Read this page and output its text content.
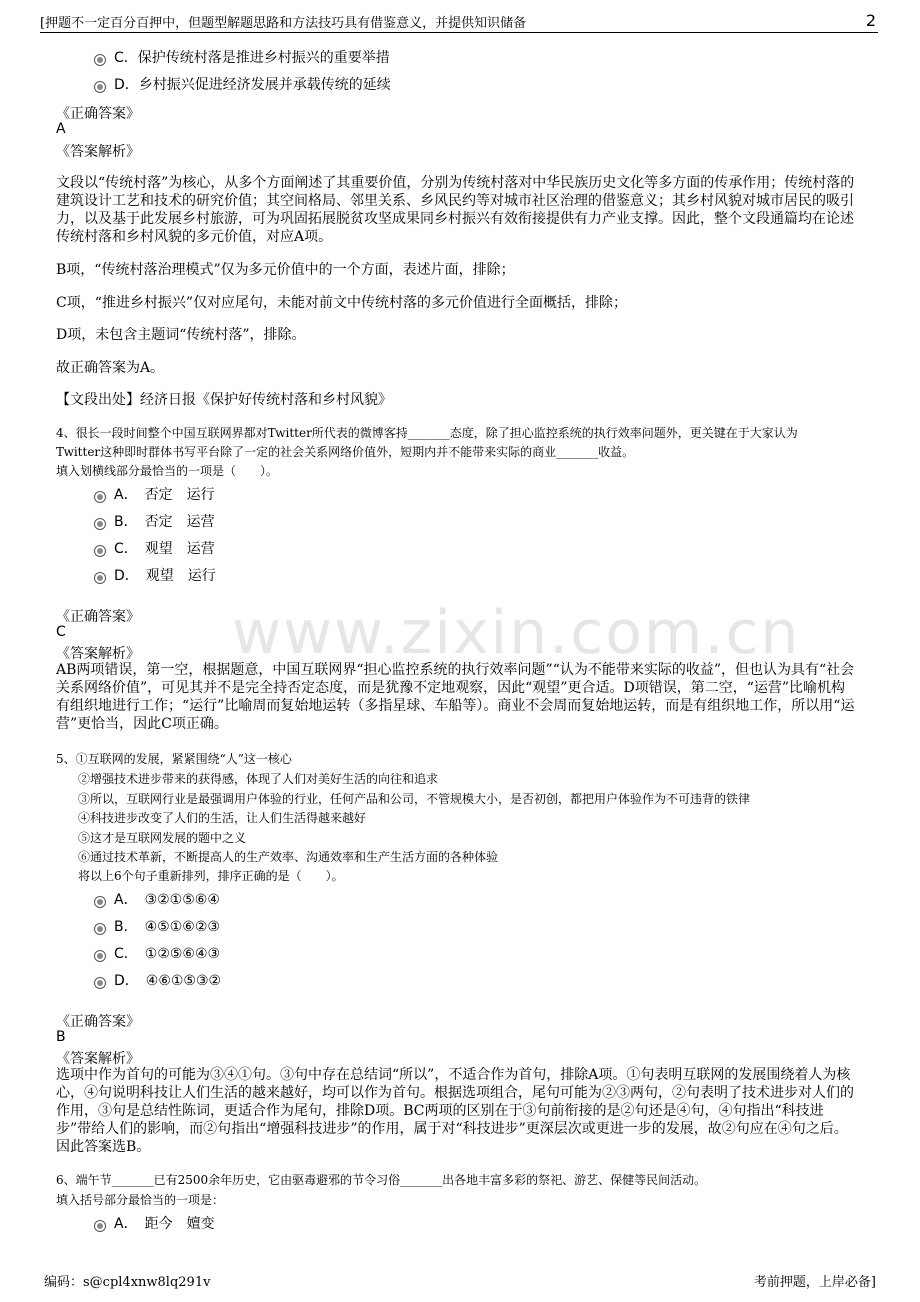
[押题不一定百分百押中，但题型解题思路和方法技巧具有借鉴意义，并提供知识储备	2
C．保护传统村落是推进乡村振兴的重要举措
D．乡村振兴促进经济发展并承载传统的延续
《正确答案》
A
《答案解析》
文段以“传统村落”为核心，从多个方面阐述了其重要价值，分别为传统村落对中华民族历史文化等多方面的传承作用；传统村落的建筑设计工艺和技术的研究价值；其空间格局、邻里关系、乡风民约等对城市社区治理的借鉴意义；其乡村风貌对城市居民的吸引力，以及基于此发展乡村旅游，可为巩固拓展脱贫攻坚成果同乡村振兴有效衔接提供有力产业支撑。因此，整个文段通篇均在论述传统村落和乡村风貌的多元价值，对应A项。
B项，“传统村落治理模式”仅为多元价值中的一个方面，表述片面，排除；
C项，“推进乡村振兴”仅对应尾句，未能对前文中传统村落的多元价值进行全面概括，排除；
D项，未包含主题词“传统村落”，排除。
故正确答案为A。
【文段出处】经济日报《保护好传统村落和乡村风貌》
4、很长一段时间整个中国互联网界都对Twitter所代表的微博客持_______态度，除了担心监控系统的执行效率问题外，更关键在于大家认为
Twitter这种即时群体书写平台除了一定的社会关系网络价值外，短期内并不能带来实际的商业_______收益。
填入划横线部分最恰当的一项是（　　）。
A．　否定　运行
B．　否定　运营
C．　观望　运营
D．　观望　运行
www.zixin.com.cn
《正确答案》
C
《答案解析》
AB两项错误，第一空，根据题意，中国互联网界“担心监控系统的执行效率问题”“认为不能带来实际的收益”，但也认为具有“社会关系网络价值”，可见其并不是完全持否定态度，而是犹豫不定地观察，因此“观望”更合适。D项错误，第二空，“运营”比喻机构有组织地进行工作；“运行”比喻周而复始地运转（多指星球、车船等）。商业不会周而复始地运转，而是有组织地工作，所以用“运营”更恰当，因此C项正确。
5、①互联网的发展，紧紧围绕“人”这一核心
②增强技术进步带来的获得感，体现了人们对美好生活的向往和追求
③所以，互联网行业是最强调用户体验的行业，任何产品和公司，不管规模大小，是否初创，都把用户体验作为不可违背的铁律
④科技进步改变了人们的生活，让人们生活得越来越好
⑤这才是互联网发展的题中之义
⑥通过技术革新，不断提高人的生产效率、沟通效率和生产生活方面的各种体验
将以上6个句子重新排列，排序正确的是（　　）。
A．　③②①⑤⑥④
B．　④⑤①⑥②③
C．　①②⑤⑥④③
D．　④⑥①⑤③②
《正确答案》
B
《答案解析》
选项中作为首句的可能为③④①句。③句中存在总结词“所以”，不适合作为首句，排除A项。①句表明互联网的发展围绕着人为核心，④句说明科技让人们生活的越来越好，均可以作为首句。根据选项组合，尾句可能为②③两句，②句表明了技术进步对人们的作用，③句是总结性陈词，更适合作为尾句，排除D项。BC两项的区别在于③句前衔接的是②句还是④句，④句指出“科技进步”带给人们的影响，而②句指出“增强科技进步”的作用，属于对“科技进步”更深层次或更进一步的发展，故②句应在④句之后。因此答案选B。
6、端午节_______已有2500余年历史，它由驱毒避邪的节令习俗_______出各地丰富多彩的祭祀、游艺、保健等民间活动。
填入括号部分最恰当的一项是：
A．　距今　嬗变
编码：s@cpl4xnw8lq291v	考前押题，上岸必备]
